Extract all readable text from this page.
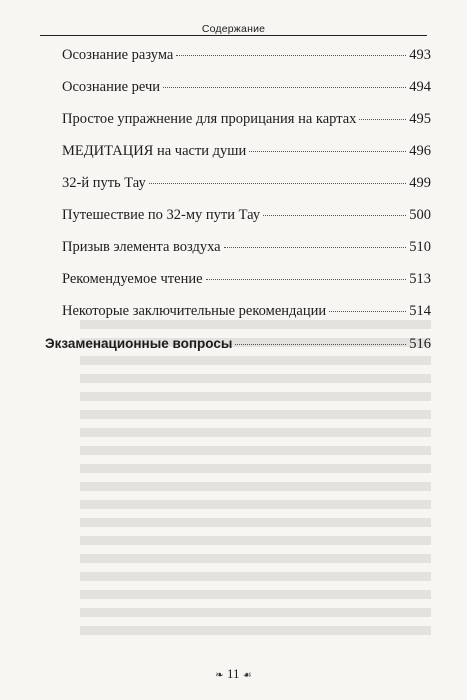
Содержание
Осознание разума	493
Осознание речи	494
Простое упражнение для прорицания на картах	495
МЕДИТАЦИЯ на части души	496
32-й путь Тау	499
Путешествие по 32-му пути Тау	500
Призыв элемента воздуха	510
Рекомендуемое чтение	513
Некоторые заключительные рекомендации	514
Экзаменационные вопросы	516
❧ 11 ☙
